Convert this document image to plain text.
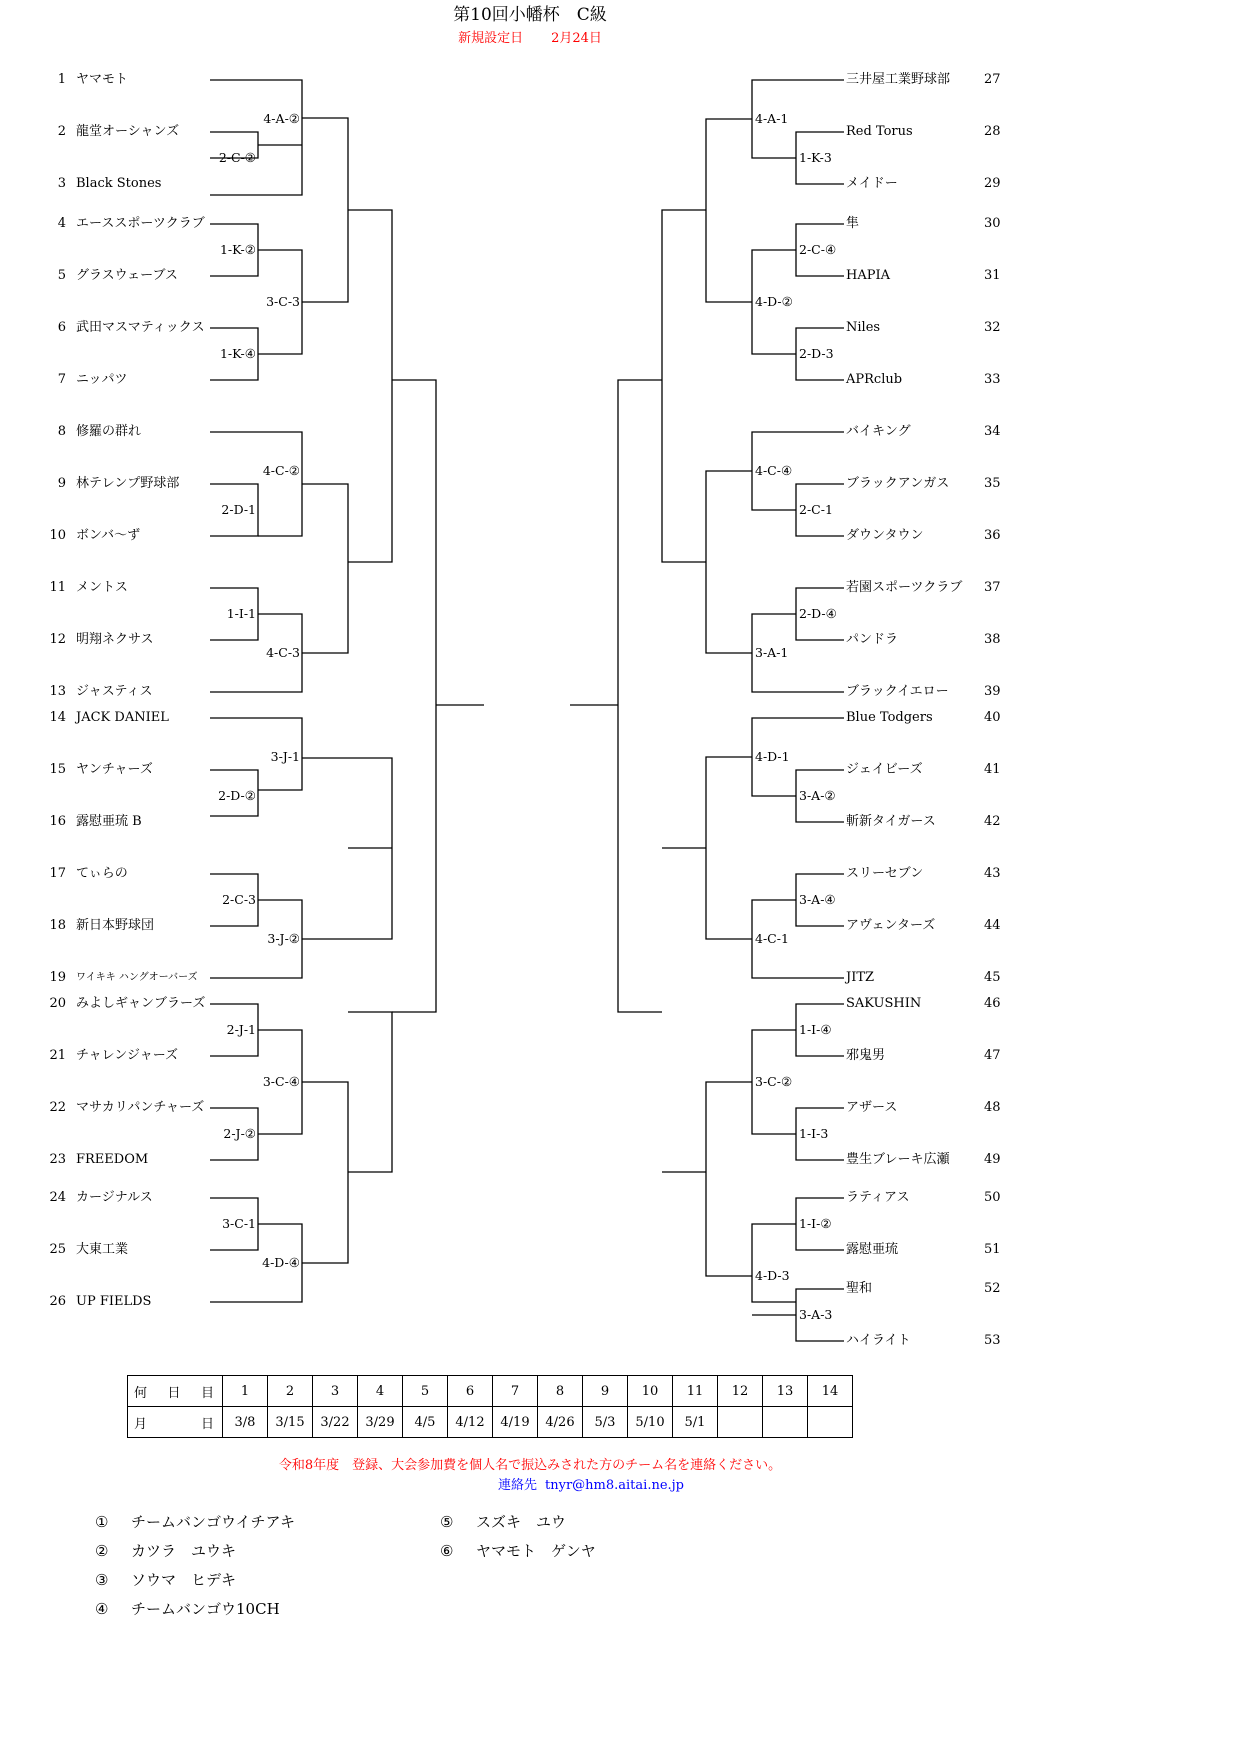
第10回小幡杯　C級
新規設定日 2月24日
1 ヤマモト
2 龍堂オーシャンズ
3 Black Stones
4 エーススポーツクラブ
5 グラスウェーブス
6 武田マスマティックス
7 ニッパツ
8 修羅の群れ
9 林テレンプ野球部
10 ボンバ～ず
11 メントス
12 明翔ネクサス
13 ジャスティス
14 JACK DANIEL
15 ヤンチャーズ
16 露慰亜琉 B
17 てぃらの
18 新日本野球団
19 ワイキキ ハングオーバーズ
20 みよしギャンブラーズ
21 チャレンジャーズ
22 マサカリパンチャーズ
23 FREEDOM
24 カージナルス
25 大東工業
26 UP FIELDS
三井屋工業野球部	27
Red Torus	28
メイドー	29
隼	30
HAPIA	31
Niles	32
APRclub	33
バイキング	34
ブラックアンガス	35
ダウンタウン	36
若園スポーツクラブ 37
パンドラ	38
ブラックイエロー	39
Blue Todgers	40
ジェイビーズ	41
斬新タイガース	42
スリーセブン	43
アヴェンターズ	44
JITZ	45
SAKUSHIN	46
邪鬼男	47
アザース	48
豊生ブレーキ広瀬	49
ラティアス	50
露慰亜琉	51
聖和	52
ハイライト	53
4-A-②
2-C-②
1-K-②
3-C-3
1-K-④
4-C-②
2-D-1
1-I-1
4-C-3
3-J-1
2-D-②
2-C-3
3-J-②
2-J-1
3-C-④
2-J-②
3-C-1
4-D-④
4-A-1
1-K-3
2-C-④
4-D-②
2-D-3
4-C-④
2-C-1
2-D-④
3-A-1
4-D-1
3-A-②
3-A-④
4-C-1
1-I-④
3-C-②
1-I-3
1-I-②
4-D-3
3-A-3
何 日 目	1	2	3	4	5	6	7	8	9	10	11	12	13	14

月 日	3/8	3/15	3/22	3/29	4/5	4/12	4/19	4/26	5/3	5/10	5/1			
令和8年度　登録、大会参加費を個人名で振込みされた方のチーム名を連絡ください。
連絡先 tnyr@hm8.aitai.ne.jp
① チームバンゴウイチアキ
② カツラ　ユウキ
③ ソウマ　ヒデキ
④ チームバンゴウ10CH
⑤ スズキ　ユウ
⑥ ヤマモト　ゲンヤ
